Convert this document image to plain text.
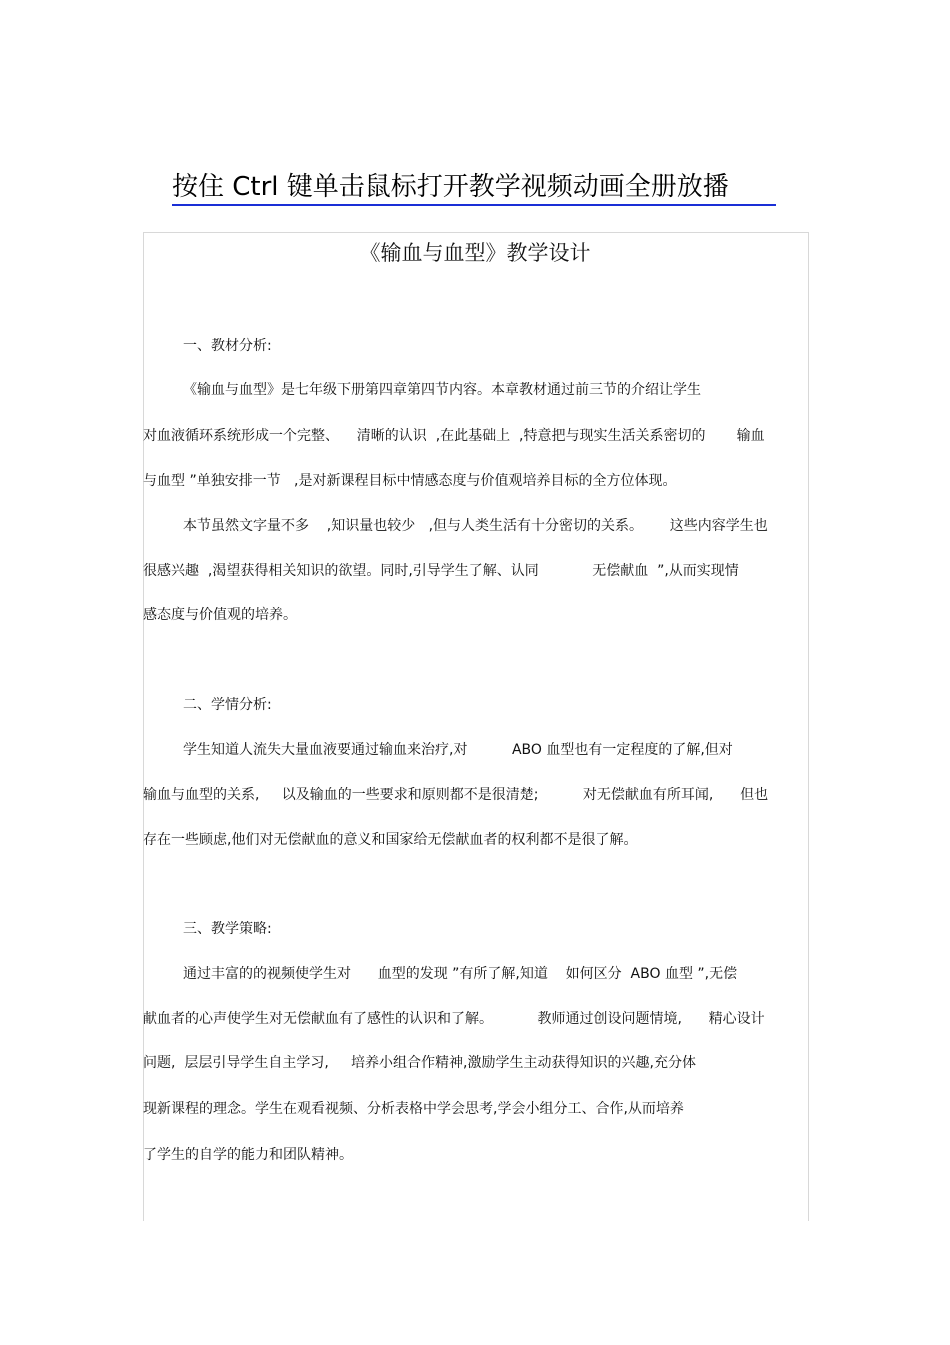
按住 Ctrl 键单击鼠标打开教学视频动画全册放播
《输血与血型》教学设计
一、教材分析:
《输血与血型》是七年级下册第四章第四节内容。本章教材通过前三节的介绍让学生
对血液循环系统形成一个完整、    清晰的认识  ,在此基础上  ,特意把与现实生活关系密切的       输血
与血型 ”单独安排一节   ,是对新课程目标中情感态度与价值观培养目标的全方位体现。
本节虽然文字量不多    ,知识量也较少   ,但与人类生活有十分密切的关系。      这些内容学生也
很感兴趣  ,渴望获得相关知识的欲望。同时,引导学生了解、认同            无偿献血  ”,从而实现情
感态度与价值观的培养。
二、学情分析:
学生知道人流失大量血液要通过输血来治疗,对          ABO 血型也有一定程度的了解,但对
输血与血型的关系,     以及输血的一些要求和原则都不是很清楚;          对无偿献血有所耳闻,      但也
存在一些顾虑,他们对无偿献血的意义和国家给无偿献血者的权利都不是很了解。
三、教学策略:
通过丰富的的视频使学生对      血型的发现 ”有所了解,知道    如何区分  ABO 血型 ”,无偿
献血者的心声使学生对无偿献血有了感性的认识和了解。          教师通过创设问题情境,      精心设计
问题,  层层引导学生自主学习,     培养小组合作精神,激励学生主动获得知识的兴趣,充分体
现新课程的理念。学生在观看视频、分析表格中学会思考,学会小组分工、合作,从而培养
了学生的自学的能力和团队精神。
